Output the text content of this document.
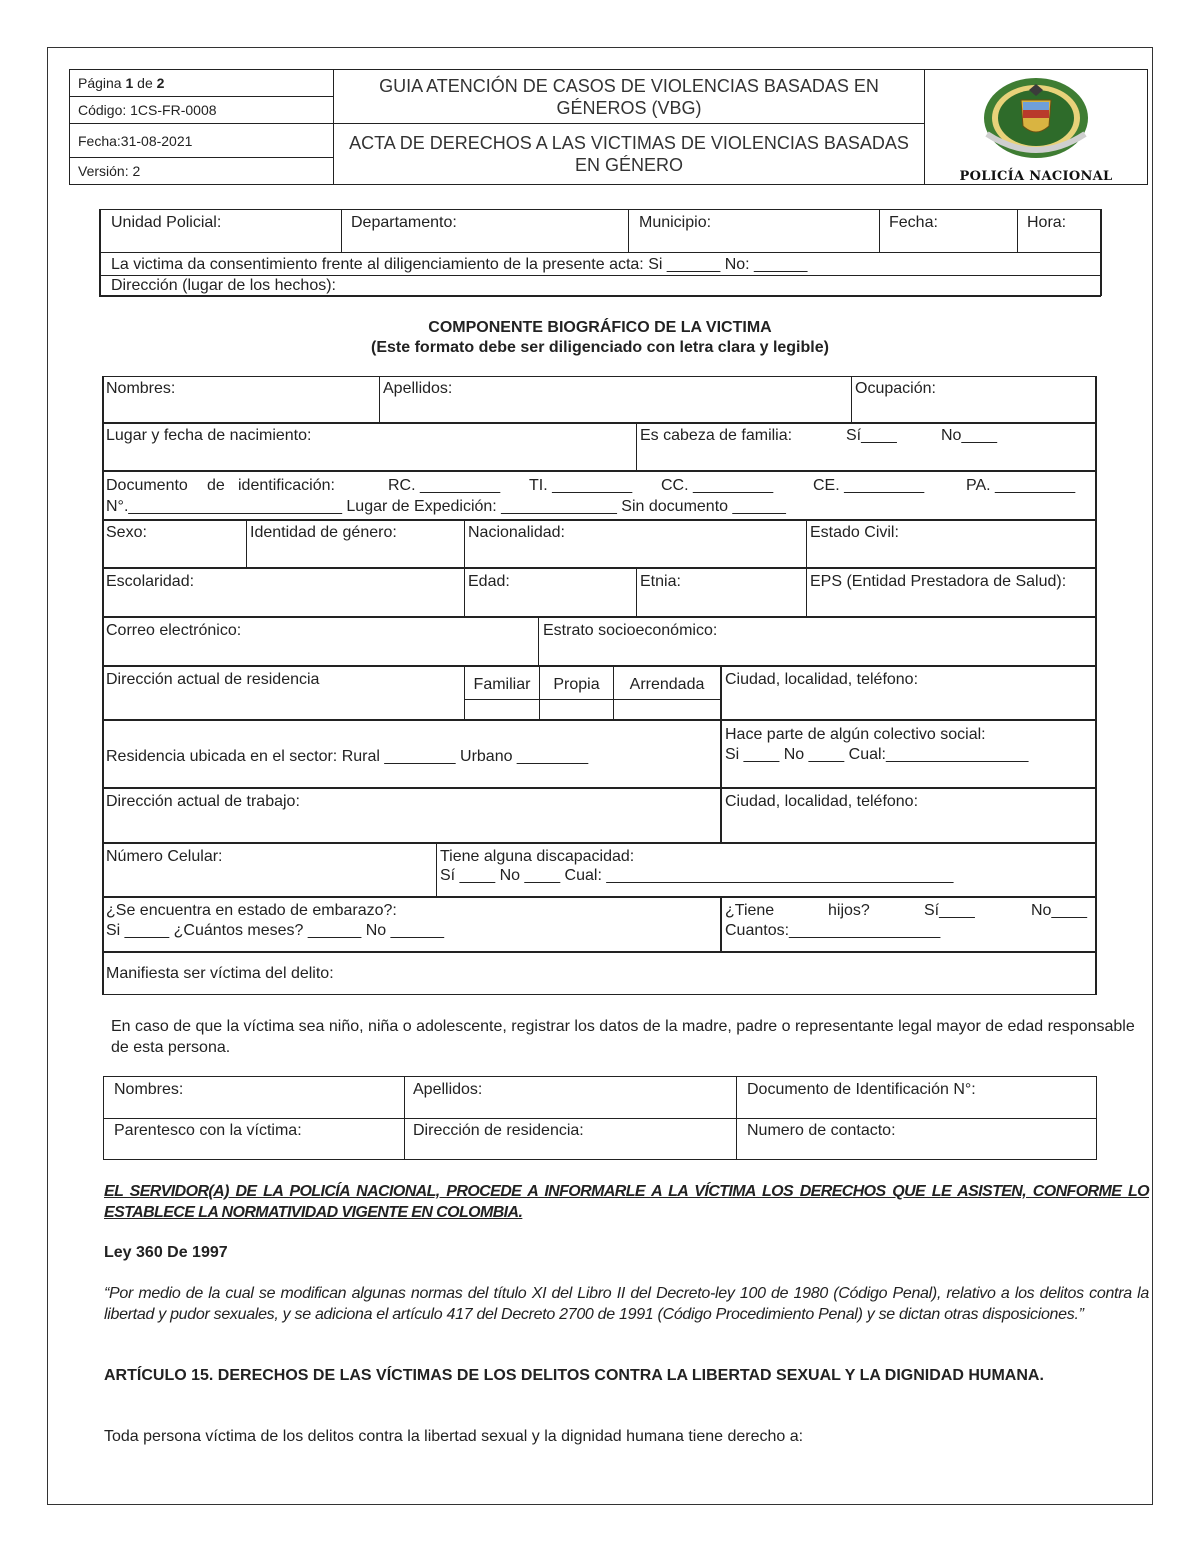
Página 1 de 2	GUIA ATENCIÓN DE CASOS DE VIOLENCIAS BASADAS EN GÉNEROS (VBG)	POLICÍA NACIONAL

Código: 1CS-FR-0008		
Fecha:31-08-2021	ACTA DE DERECHOS A LAS VICTIMAS DE VIOLENCIAS BASADAS EN GÉNERO	
Versión: 2		
Unidad Policial:	Departamento:	Municipio:	Fecha:	Hora:
La victima da consentimiento frente al diligenciamiento de la presente acta: Si ______ No: ______
Dirección (lugar de los hechos):
COMPONENTE BIOGRÁFICO DE LA VICTIMA
(Este formato debe ser diligenciado con letra clara y legible)
Nombres:	Apellidos:	Ocupación:
Lugar y fecha de nacimiento:	Es cabeza de familia:	Sí____	No____
Documento de identificación:	RC. _________ TI. _________ CC. _________ CE. _________	PA. _________
N°.________________________ Lugar de Expedición: _____________ Sin documento ______
Sexo:	Identidad de género:	Nacionalidad:	Estado Civil:
Escolaridad:	Edad:	Etnia:	EPS (Entidad Prestadora de Salud):
Correo electrónico:	Estrato socioeconómico:
Dirección actual de residencia	Familiar	Propia	Arrendada	Ciudad, localidad, teléfono:
Residencia ubicada en el sector: Rural ________ Urbano ________
Hace parte de algún colectivo social:
Si ____ No ____ Cual:________________
Dirección actual de trabajo:	Ciudad, localidad, teléfono:
Número Celular:	Tiene alguna discapacidad:
Sí ____ No ____ Cual: _______________________________________
¿Se encuentra en estado de embarazo?:
Si _____ ¿Cuántos meses? ______ No ______
¿Tiene	hijos?	Sí____	No____
Cuantos:_________________
Manifiesta ser víctima del delito:
En caso de que la víctima sea niño, niña o adolescente, registrar los datos de la madre, padre o representante legal mayor de edad responsable de esta persona.
Nombres:	Apellidos:	Documento de Identificación N°:
Parentesco con la víctima:	Dirección de residencia:	Numero de contacto:
EL SERVIDOR(A) DE LA POLICÍA NACIONAL, PROCEDE A INFORMARLE A LA VÍCTIMA LOS DERECHOS QUE LE ASISTEN, CONFORME LO ESTABLECE LA NORMATIVIDAD VIGENTE EN COLOMBIA.
Ley 360 De 1997
“Por medio de la cual se modifican algunas normas del título XI del Libro II del Decreto-ley 100 de 1980 (Código Penal), relativo a los delitos contra la libertad y pudor sexuales, y se adiciona el artículo 417 del Decreto 2700 de 1991 (Código Procedimiento Penal) y se dictan otras disposiciones.”
ARTÍCULO 15. DERECHOS DE LAS VÍCTIMAS DE LOS DELITOS CONTRA LA LIBERTAD SEXUAL Y LA DIGNIDAD HUMANA.
Toda persona víctima de los delitos contra la libertad sexual y la dignidad humana tiene derecho a:
